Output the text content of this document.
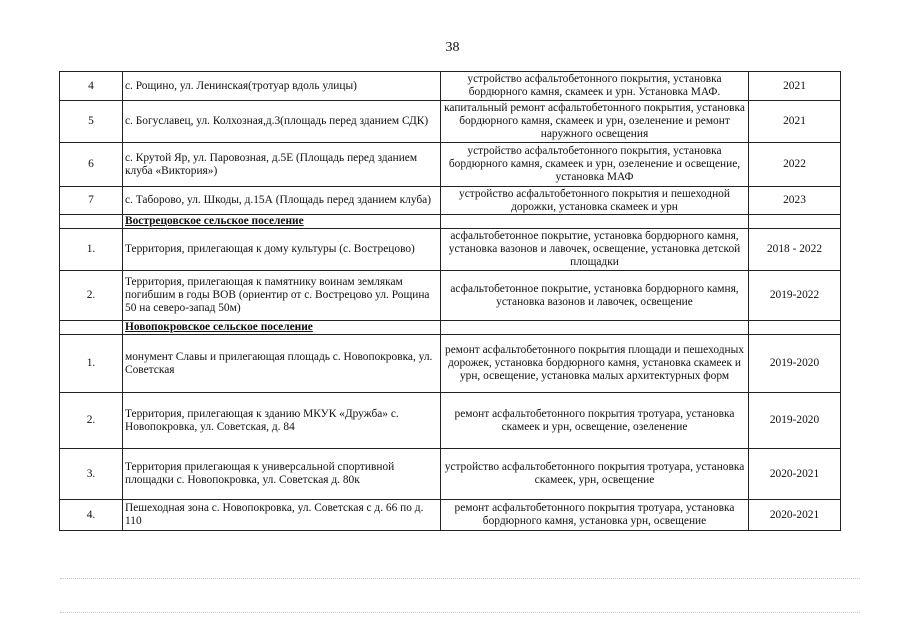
38
4	с. Рощино, ул. Ленинская(тротуар вдоль улицы)	устройство асфальтобетонного покрытия, установка бордюрного камня, скамеек и урн. Установка МАФ.	2021
5	с. Богуславец, ул. Колхозная,д.3(площадь перед зданием СДК)	капитальный ремонт асфальтобетонного покрытия, установка бордюрного камня, скамеек и урн, озеленение и ремонт наружного освещения	2021
6	с. Крутой Яр, ул. Паровозная, д.5Е (Площадь перед зданием клуба «Виктория»)	устройство асфальтобетонного покрытия, установка бордюрного камня, скамеек и урн, озеленение и освещение, установка МАФ	2022
7	с. Таборово, ул. Шкоды, д.15А (Площадь перед зданием клуба)	устройство асфальтобетонного покрытия и пешеходной дорожки, установка скамеек и урн	2023
	Вострецовское сельское поселение		
1.	Территория, прилегающая к дому культуры (с. Вострецово)	асфальтобетонное покрытие, установка бордюрного камня, установка вазонов и лавочек, освещение, установка детской площадки	2018 - 2022
2.	Территория, прилегающая к памятнику воинам землякам погибшим в годы ВОВ (ориентир от с. Вострецово ул. Рощина 50 на северо-запад 50м)	асфальтобетонное покрытие, установка бордюрного камня, установка вазонов и лавочек, освещение	2019-2022
	Новопокровское сельское поселение		
1.	монумент Славы и прилегающая площадь с. Новопокровка, ул. Советская	ремонт асфальтобетонного покрытия площади и пешеходных дорожек, установка бордюрного камня, установка скамеек и урн, освещение, установка малых архитектурных форм	2019-2020
2.	Территория, прилегающая к зданию МКУК «Дружба» с. Новопокровка, ул. Советская, д. 84	ремонт асфальтобетонного покрытия тротуара, установка скамеек и урн, освещение, озеленение	2019-2020
3.	Территория прилегающая к универсальной спортивной площадки с. Новопокровка, ул. Советская д. 80к	устройство асфальтобетонного покрытия тротуара, установка скамеек, урн, освещение	2020-2021
4.	Пешеходная зона с. Новопокровка, ул. Советская с д. 66 по д. 110	ремонт асфальтобетонного покрытия тротуара, установка бордюрного камня, установка урн, освещение	2020-2021
